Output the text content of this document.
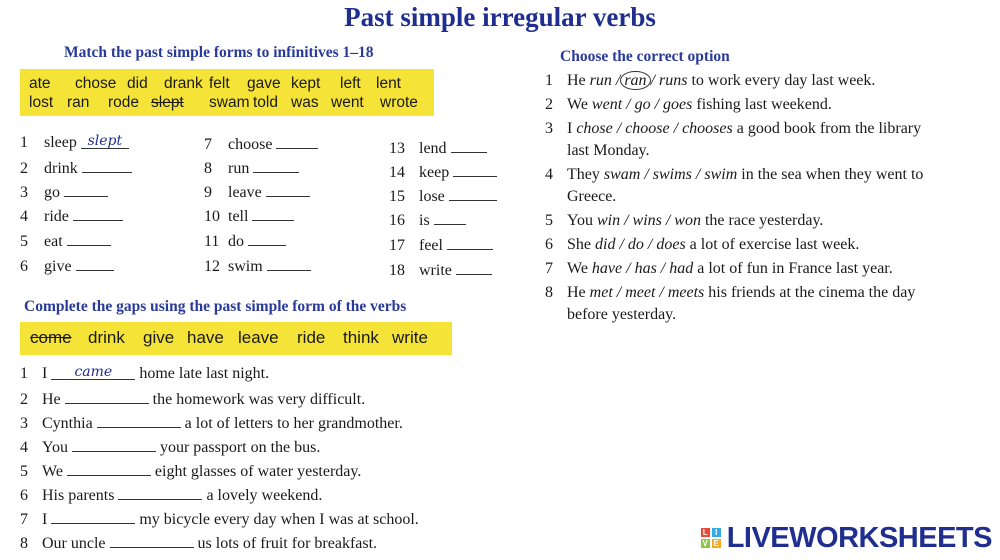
Past simple irregular verbs
Match the past simple forms to infinitives 1–18
ate chose did drank felt gave kept left lent
lost ran rode slept swam told was went wrote
1 sleep slept
2 drink
3 go
4 ride
5 eat
6 give
7 choose
8 run
9 leave
10 tell
11 do
12 swim
13 lend
14 keep
15 lose
16 is
17 feel
18 write
Complete the gaps using the past simple form of the verbs
come drink give have leave ride think write
1 I came home late last night.
2 He	the homework was very difficult.
3 Cynthia	a lot of letters to her grandmother.
4 You	your passport on the bus.
5 We	eight glasses of water yesterday.
6 His parents	a lovely weekend.
7 I	my bicycle every day when I was at school.
8 Our uncle	us lots of fruit for breakfast.
Choose the correct option
1 He run / ran / runs to work every day last week.
2 We went / go / goes fishing last weekend.
3 I chose / choose / chooses a good book from the library
last Monday.
4 They swam / swims / swim in the sea when they went to
Greece.
5 You win / wins / won the race yesterday.
6 She did / do / does a lot of exercise last week.
7 We have / has / had a lot of fun in France last year.
8 He met / meet / meets his friends at the cinema the day
before yesterday.
L I
V E LIVEWORKSHEETS
